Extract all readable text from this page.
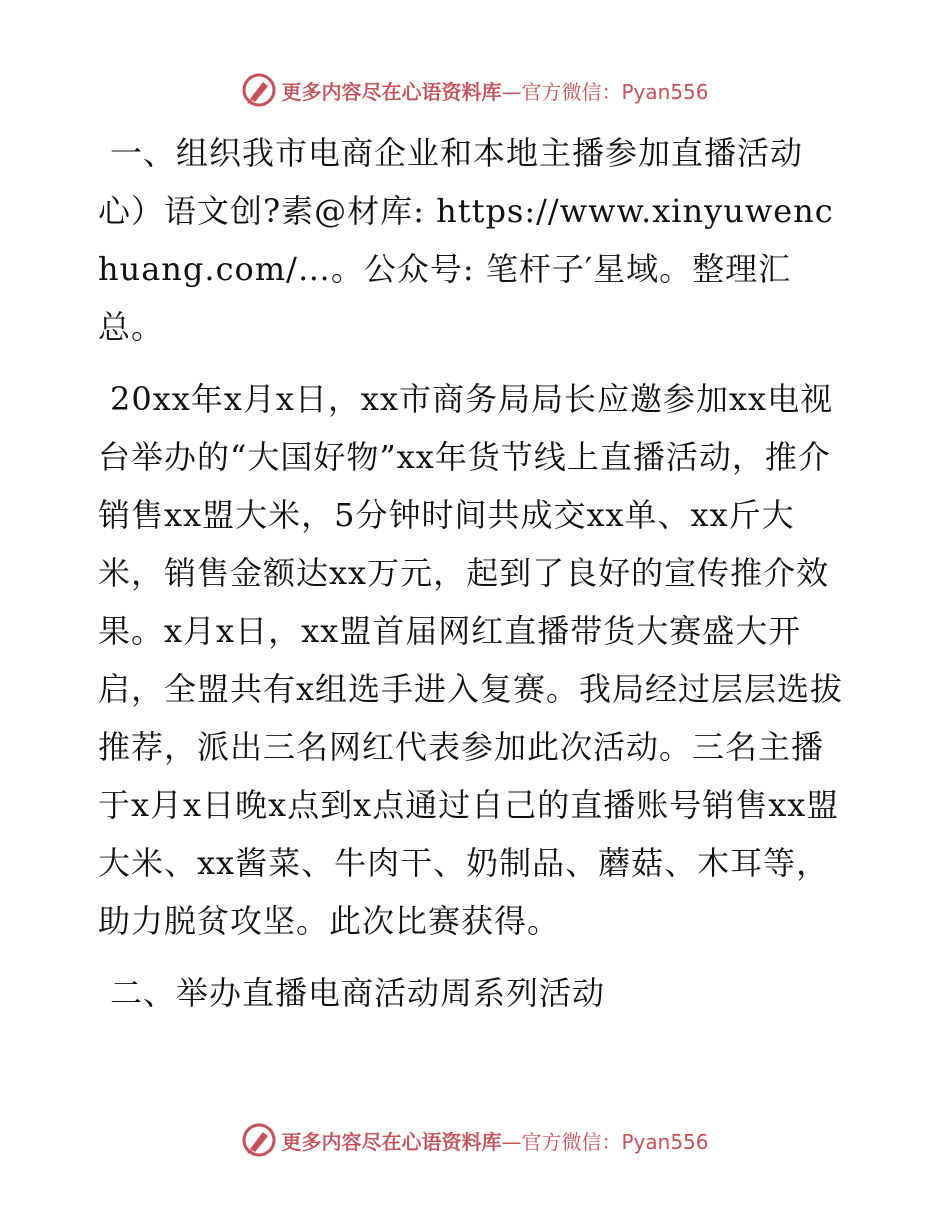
更多内容尽在心语资料库—官方微信：Pyan556

一、组织我市电商企业和本地主播参加直播活动

心）语文创?素@材库: https://www.xinyuwenchuang.com/…。公众号: 笔杆子′星域。整理汇总。

20xx年x月x日，xx市商务局局长应邀参加xx电视台举办的“大国好物”xx年货节线上直播活动，推介销售xx盟大米，5分钟时间共成交xx单、xx斤大米，销售金额达xx万元，起到了良好的宣传推介效果。x月x日，xx盟首届网红直播带货大赛盛大开启，全盟共有x组选手进入复赛。我局经过层层选拔推荐，派出三名网红代表参加此次活动。三名主播于x月x日晚x点到x点通过自己的直播账号销售xx盟大米、xx酱菜、牛肉干、奶制品、蘑菇、木耳等，助力脱贫攻坚。此次比赛获得。

二、举办直播电商活动周系列活动

更多内容尽在心语资料库—官方微信：Pyan556
